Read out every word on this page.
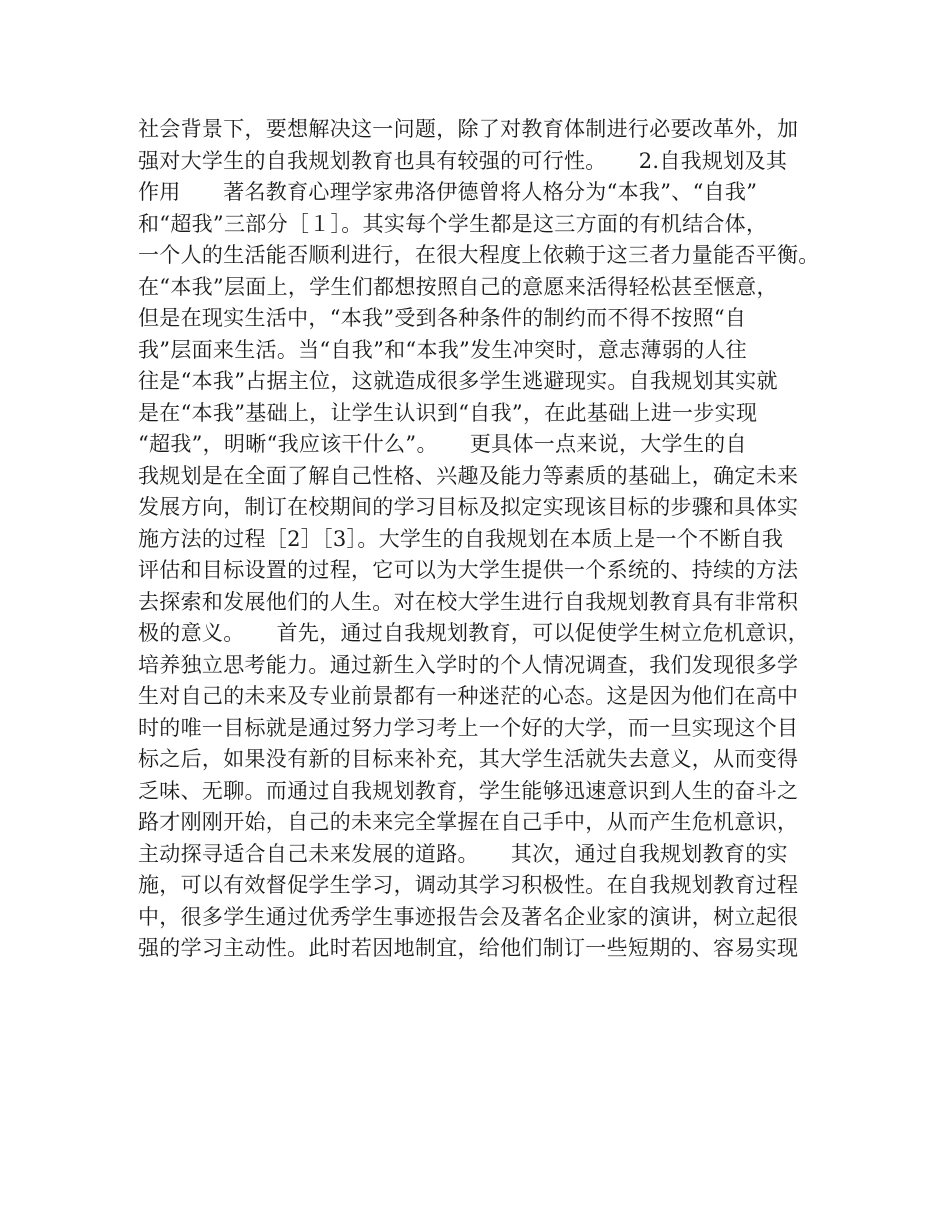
社会背景下，要想解决这一问题，除了对教育体制进行必要改革外，加
强对大学生的自我规划教育也具有较强的可行性。　　2.自我规划及其
作用　　著名教育心理学家弗洛伊德曾将人格分为“本我”、“自我”
和“超我”三部分［１］。其实每个学生都是这三方面的有机结合体，
一个人的生活能否顺利进行，在很大程度上依赖于这三者力量能否平衡。
在“本我”层面上，学生们都想按照自己的意愿来活得轻松甚至惬意，
但是在现实生活中，“本我”受到各种条件的制约而不得不按照“自
我”层面来生活。当“自我”和“本我”发生冲突时，意志薄弱的人往
往是“本我”占据主位，这就造成很多学生逃避现实。自我规划其实就
是在“本我”基础上，让学生认识到“自我”，在此基础上进一步实现
“超我”，明晰“我应该干什么”。　　更具体一点来说，大学生的自
我规划是在全面了解自己性格、兴趣及能力等素质的基础上，确定未来
发展方向，制订在校期间的学习目标及拟定实现该目标的步骤和具体实
施方法的过程［2］［3］。大学生的自我规划在本质上是一个不断自我
评估和目标设置的过程，它可以为大学生提供一个系统的、持续的方法
去探索和发展他们的人生。对在校大学生进行自我规划教育具有非常积
极的意义。　　首先，通过自我规划教育，可以促使学生树立危机意识，
培养独立思考能力。通过新生入学时的个人情况调查，我们发现很多学
生对自己的未来及专业前景都有一种迷茫的心态。这是因为他们在高中
时的唯一目标就是通过努力学习考上一个好的大学，而一旦实现这个目
标之后，如果没有新的目标来补充，其大学生活就失去意义，从而变得
乏味、无聊。而通过自我规划教育，学生能够迅速意识到人生的奋斗之
路才刚刚开始，自己的未来完全掌握在自己手中，从而产生危机意识，
主动探寻适合自己未来发展的道路。　　其次，通过自我规划教育的实
施，可以有效督促学生学习，调动其学习积极性。在自我规划教育过程
中，很多学生通过优秀学生事迹报告会及著名企业家的演讲，树立起很
强的学习主动性。此时若因地制宜，给他们制订一些短期的、容易实现
